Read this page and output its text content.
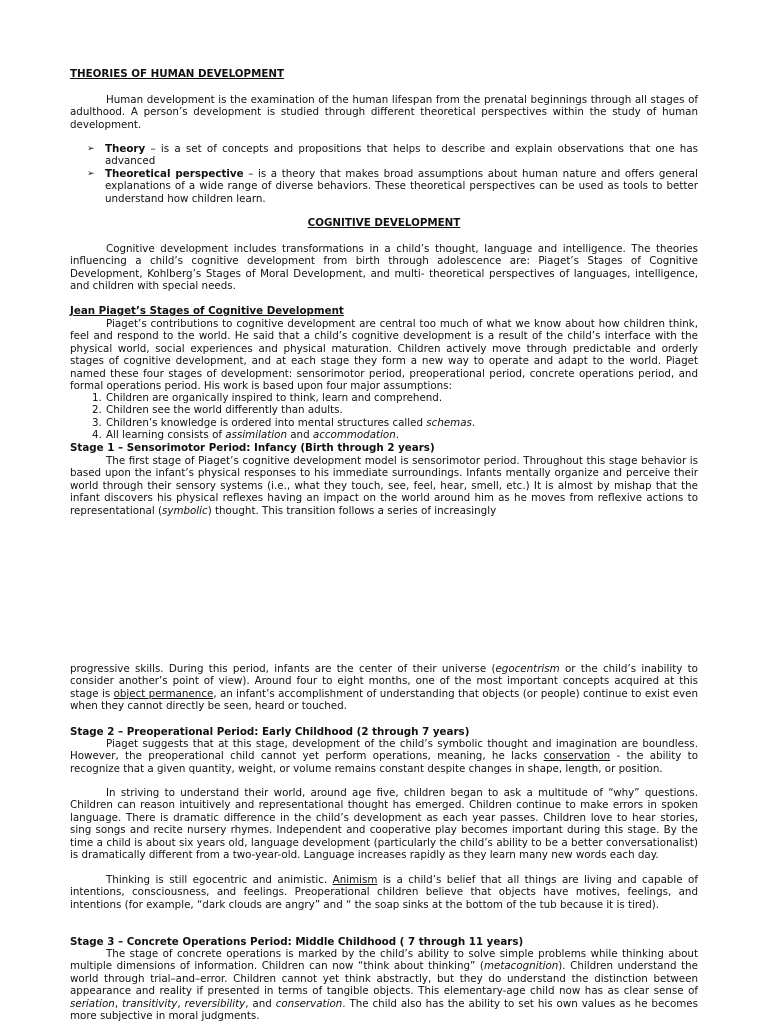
THEORIES OF HUMAN DEVELOPMENT

Human development is the examination of the human lifespan from the prenatal beginnings through all stages of adulthood. A person’s development is studied through different theoretical perspectives within the study of human development.

➢ Theory – is a set of concepts and propositions that helps to describe and explain observations that one has advanced
➢ Theoretical perspective – is a theory that makes broad assumptions about human nature and offers general explanations of a wide range of diverse behaviors. These theoretical perspectives can be used as tools to better understand how children learn.

COGNITIVE DEVELOPMENT

Cognitive development includes transformations in a child’s thought, language and intelligence. The theories influencing a child’s cognitive development from birth through adolescence are: Piaget’s Stages of Cognitive Development, Kohlberg’s Stages of Moral Development, and multi- theoretical perspectives of languages, intelligence, and children with special needs.

Jean Piaget’s Stages of Cognitive Development

Piaget’s contributions to cognitive development are central too much of what we know about how children think, feel and respond to the world. He said that a child’s cognitive development is a result of the child’s interface with the physical world, social experiences and physical maturation. Children actively move through predictable and orderly stages of cognitive development, and at each stage they form a new way to operate and adapt to the world. Piaget named these four stages of development: sensorimotor period, preoperational period, concrete operations period, and formal operations period. His work is based upon four major assumptions:

1. Children are organically inspired to think, learn and comprehend.
2. Children see the world differently than adults.
3. Children’s knowledge is ordered into mental structures called schemas.
4. All learning consists of assimilation and accommodation.

Stage 1 – Sensorimotor Period: Infancy (Birth through 2 years)

The first stage of Piaget’s cognitive development model is sensorimotor period. Throughout this stage behavior is based upon the infant’s physical responses to his immediate surroundings. Infants mentally organize and perceive their world through their sensory systems (i.e., what they touch, see, feel, hear, smell, etc.) It is almost by mishap that the infant discovers his physical reflexes having an impact on the world around him as he moves from reflexive actions to representational (symbolic) thought. This transition follows a series of increasingly

progressive skills. During this period, infants are the center of their universe (egocentrism or the child’s inability to consider another’s point of view). Around four to eight months, one of the most important concepts acquired at this stage is object permanence, an infant’s accomplishment of understanding that objects (or people) continue to exist even when they cannot directly be seen, heard or touched.

Stage 2 – Preoperational Period: Early Childhood (2 through 7 years)

Piaget suggests that at this stage, development of the child’s symbolic thought and imagination are boundless. However, the preoperational child cannot yet perform operations, meaning, he lacks conservation - the ability to recognize that a given quantity, weight, or volume remains constant despite changes in shape, length, or position.

In striving to understand their world, around age five, children began to ask a multitude of “why” questions. Children can reason intuitively and representational thought has emerged. Children continue to make errors in spoken language. There is dramatic difference in the child’s development as each year passes. Children love to hear stories, sing songs and recite nursery rhymes. Independent and cooperative play becomes important during this stage. By the time a child is about six years old, language development (particularly the child’s ability to be a better conversationalist) is dramatically different from a two-year-old. Language increases rapidly as they learn many new words each day.

Thinking is still egocentric and animistic. Animism is a child’s belief that all things are living and capable of intentions, consciousness, and feelings. Preoperational children believe that objects have motives, feelings, and intentions (for example, “dark clouds are angry” and “ the soap sinks at the bottom of the tub because it is tired).

Stage 3 – Concrete Operations Period: Middle Childhood ( 7 through 11 years)

The stage of concrete operations is marked by the child’s ability to solve simple problems while thinking about multiple dimensions of information. Children can now “think about thinking” (metacognition). Children understand the world through trial–and–error. Children cannot yet think abstractly, but they do understand the distinction between appearance and reality if presented in terms of tangible objects. This elementary-age child now has as clear sense of seriation, transitivity, reversibility, and conservation. The child also has the ability to set his own values as he becomes more subjective in moral judgments.
